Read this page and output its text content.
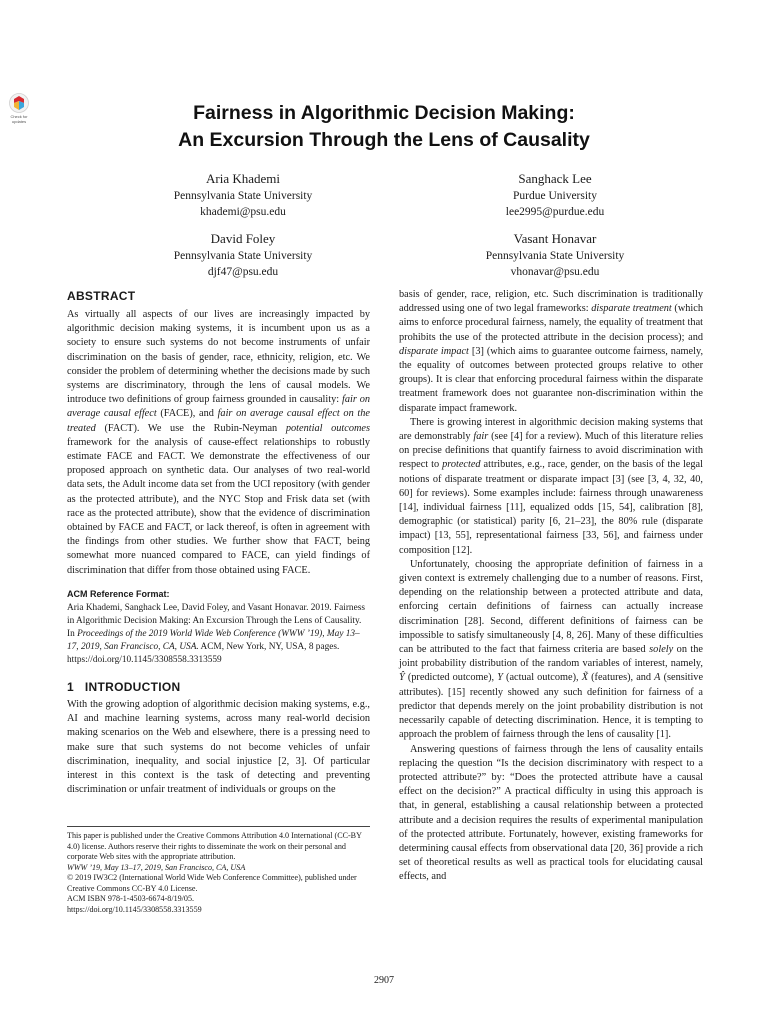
Check for
updates	Fairness in Algorithmic Decision Making:
An Excursion Through the Lens of Causality
Aria Khademi
Pennsylvania State University
khademi@psu.edu
Sanghack Lee
Purdue University
lee2995@purdue.edu
David Foley
Pennsylvania State University
djf47@psu.edu
Vasant Honavar
Pennsylvania State University
vhonavar@psu.edu
ABSTRACT

As virtually all aspects of our lives are increasingly impacted by algorithmic decision making systems, it is incumbent upon us as a society to ensure such systems do not become instruments of unfair discrimination on the basis of gender, race, ethnicity, religion, etc. We consider the problem of determining whether the decisions made by such systems are discriminatory, through the lens of causal models. We introduce two definitions of group fairness grounded in causality: fair on average causal effect (FACE), and fair on average causal effect on the treated (FACT). We use the Rubin-Neyman potential outcomes framework for the analysis of cause-effect relationships to robustly estimate FACE and FACT. We demonstrate the effectiveness of our proposed approach on synthetic data. Our analyses of two real-world data sets, the Adult income data set from the UCI repository (with gender as the protected attribute), and the NYC Stop and Frisk data set (with race as the protected attribute), show that the evidence of discrimination obtained by FACE and FACT, or lack thereof, is often in agreement with the findings from other studies. We further show that FACT, being somewhat more nuanced compared to FACE, can yield findings of discrimination that differ from those obtained using FACE.

ACM Reference Format:

Aria Khademi, Sanghack Lee, David Foley, and Vasant Honavar. 2019. Fairness in Algorithmic Decision Making: An Excursion Through the Lens of Causality. In Proceedings of the 2019 World Wide Web Conference (WWW ’19), May 13–17, 2019, San Francisco, CA, USA. ACM, New York, NY, USA, 8 pages. https://doi.org/10.1145/3308558.3313559

1   INTRODUCTION

With the growing adoption of algorithmic decision making systems, e.g., AI and machine learning systems, across many real-world decision making scenarios on the Web and elsewhere, there is a pressing need to make sure that such systems do not become vehicles of unfair discrimination, inequality, and social injustice [2, 3]. Of particular interest in this context is the task of detecting and preventing discrimination or unfair treatment of individuals or groups on the

This paper is published under the Creative Commons Attribution 4.0 International (CC-BY 4.0) license. Authors reserve their rights to disseminate the work on their personal and corporate Web sites with the appropriate attribution.
WWW ’19, May 13–17, 2019, San Francisco, CA, USA
© 2019 IW3C2 (International World Wide Web Conference Committee), published under Creative Commons CC-BY 4.0 License.
ACM ISBN 978-1-4503-6674-8/19/05.
https://doi.org/10.1145/3308558.3313559

basis of gender, race, religion, etc. Such discrimination is traditionally addressed using one of two legal frameworks: disparate treatment (which aims to enforce procedural fairness, namely, the equality of treatment that prohibits the use of the protected attribute in the decision process); and disparate impact [3] (which aims to guarantee outcome fairness, namely, the equality of outcomes between protected groups relative to other groups). It is clear that enforcing procedural fairness within the disparate treatment framework does not guarantee non-discrimination within the disparate impact framework.

There is growing interest in algorithmic decision making systems that are demonstrably fair (see [4] for a review). Much of this literature relies on precise definitions that quantify fairness to avoid discrimination with respect to protected attributes, e.g., race, gender, on the basis of the legal notions of disparate treatment or disparate impact [3] (see [3, 4, 32, 40, 60] for reviews). Some examples include: fairness through unawareness [14], individual fairness [11], equalized odds [15, 54], calibration [8], demographic (or statistical) parity [6, 21–23], the 80% rule (disparate impact) [13, 55], representational fairness [33, 56], and fairness under composition [12].

Unfortunately, choosing the appropriate definition of fairness in a given context is extremely challenging due to a number of reasons. First, depending on the relationship between a protected attribute and data, enforcing certain definitions of fairness can actually increase discrimination [28]. Second, different definitions of fairness can be impossible to satisfy simultaneously [4, 8, 26]. Many of these difficulties can be attributed to the fact that fairness criteria are based solely on the joint probability distribution of the random variables of interest, namely, Ŷ (predicted outcome), Y (actual outcome), X̃ (features), and A (sensitive attributes). [15] recently showed any such definition for fairness of a predictor that depends merely on the joint probability distribution is not necessarily capable of detecting discrimination. Hence, it is tempting to approach the problem of fairness through the lens of causality [1].

Answering questions of fairness through the lens of causality entails replacing the question “Is the decision discriminatory with respect to a protected attribute?” by: “Does the protected attribute have a causal effect on the decision?” A practical difficulty in using this approach is that, in general, establishing a causal relationship between a protected attribute and a decision requires the results of experimental manipulation of the protected attribute. Fortunately, however, existing frameworks for determining causal effects from observational data [20, 36] provide a rich set of theoretical results as well as practical tools for elucidating causal effects, and

2907
